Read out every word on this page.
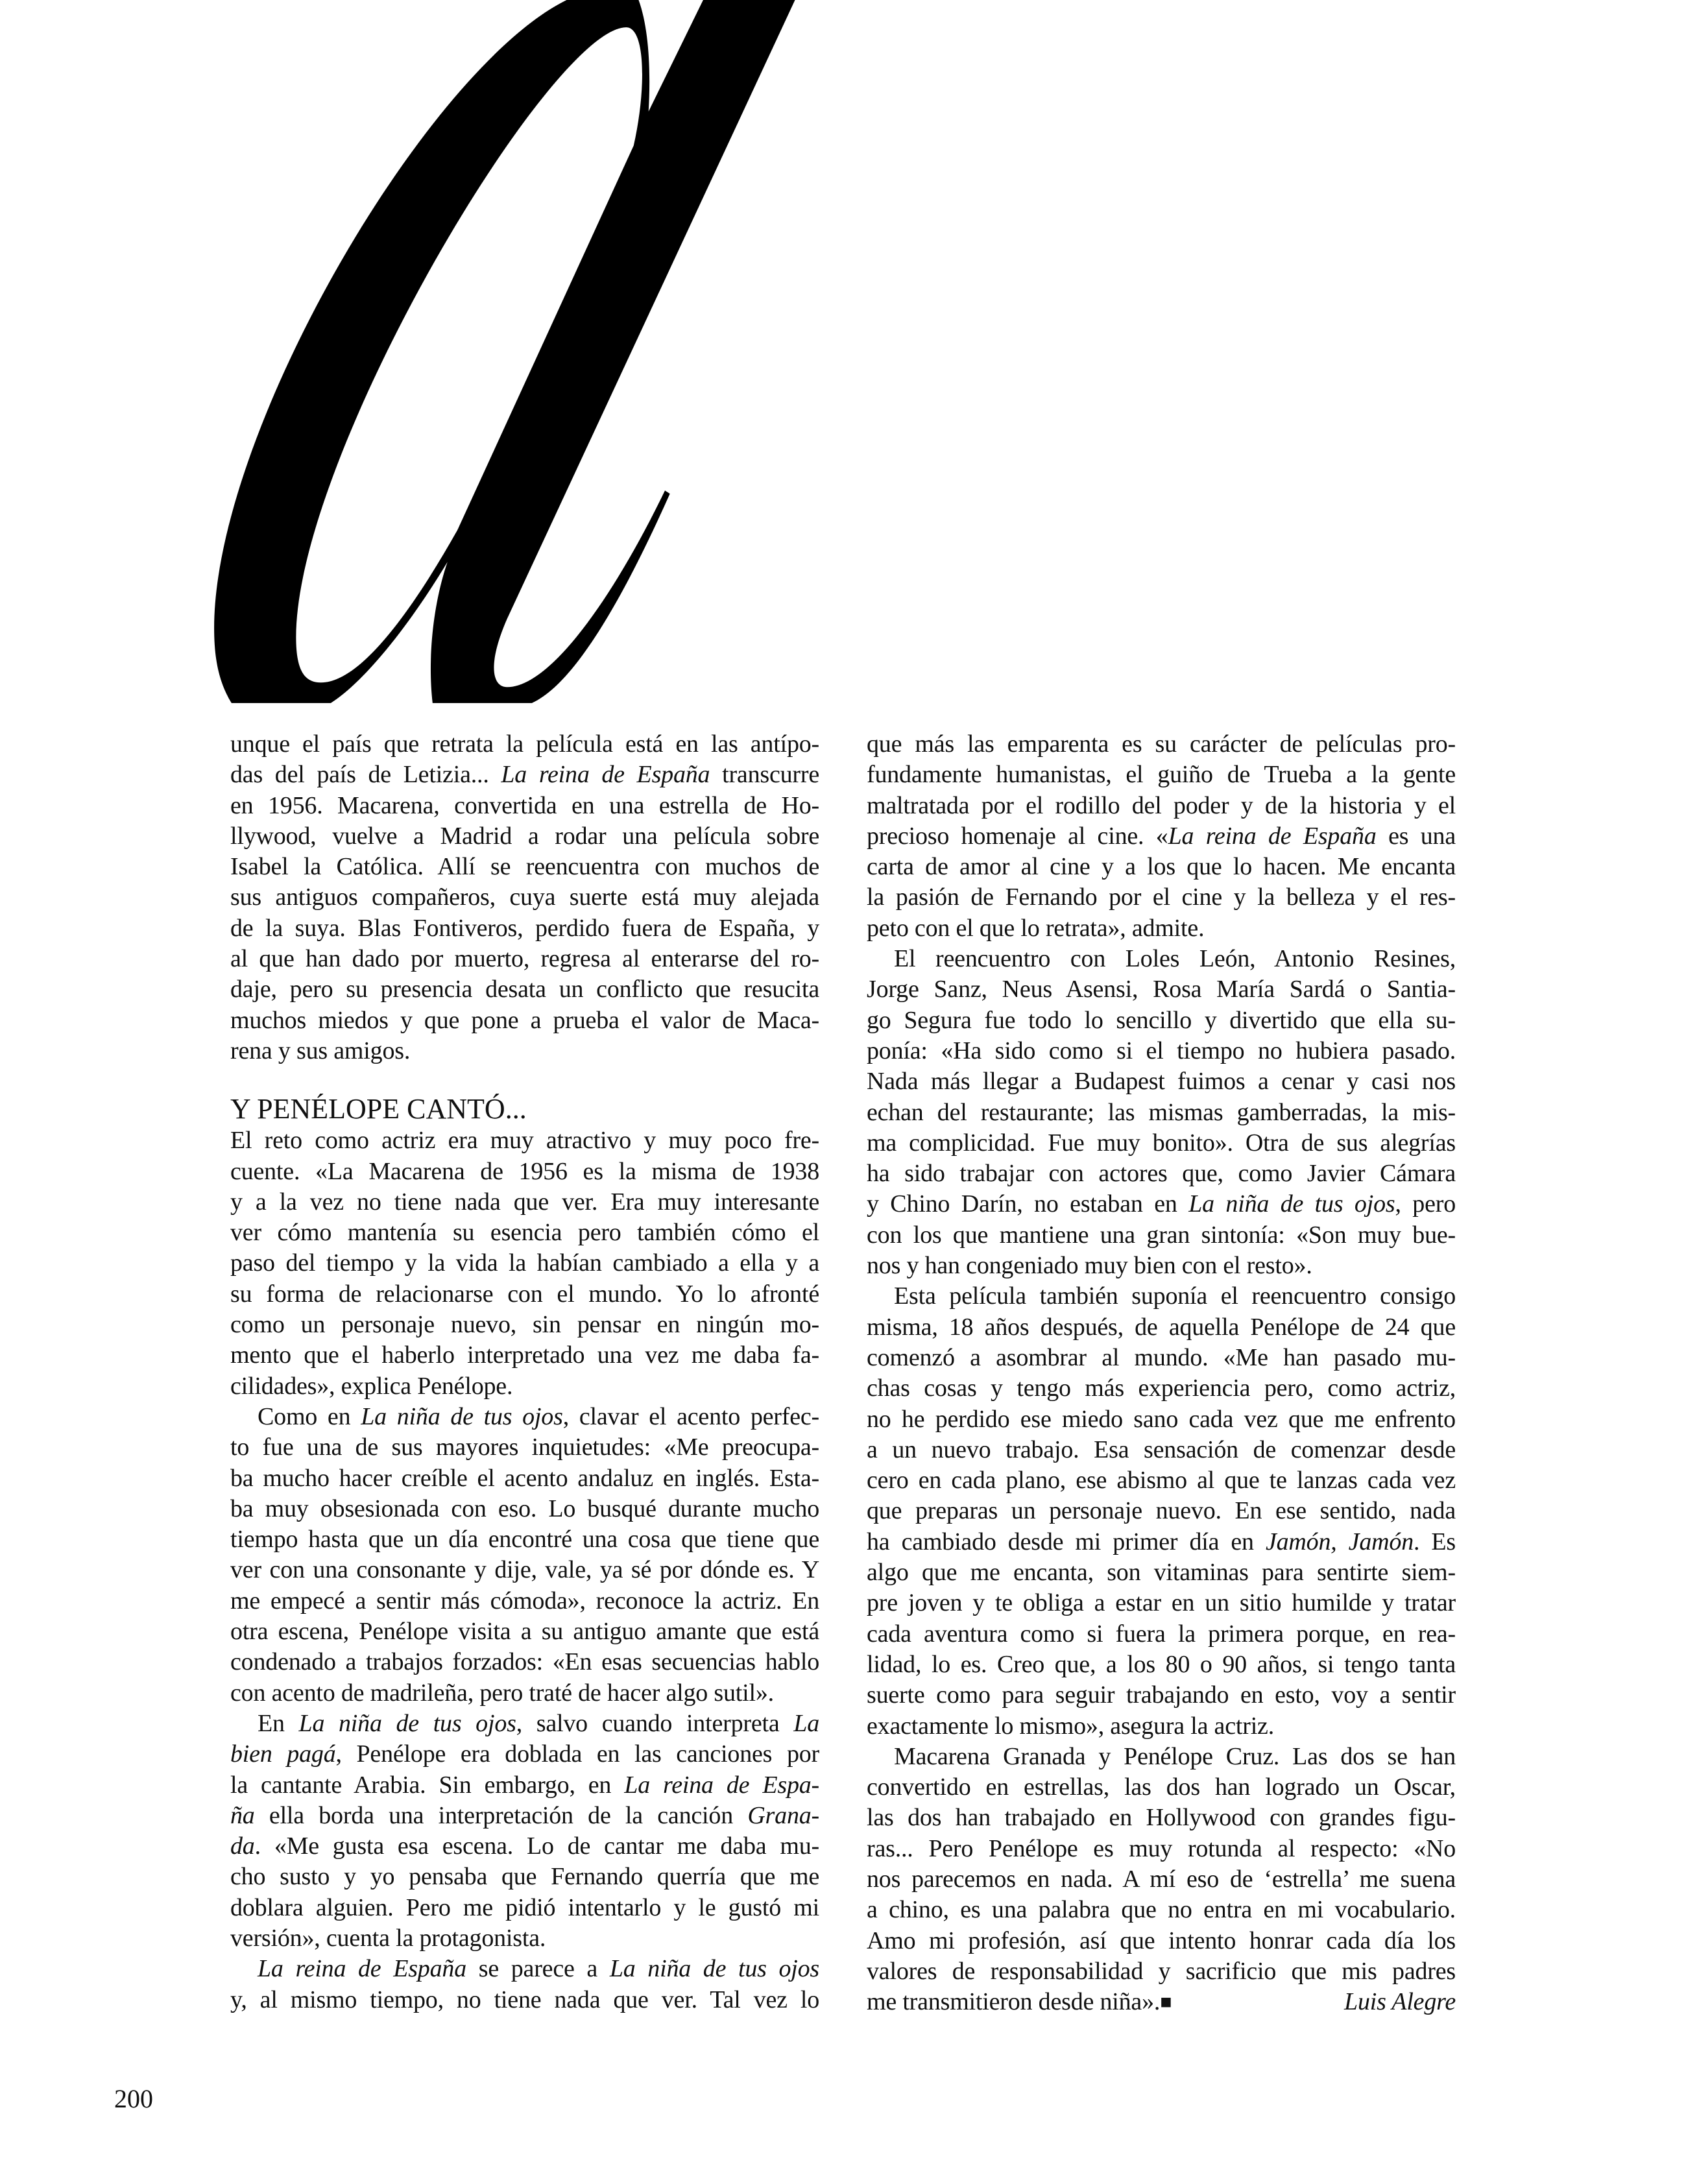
unque el país que retrata la película está en las antípo-
das del país de Letizia... La reina de España transcurre
en 1956. Macarena, convertida en una estrella de Ho-
llywood, vuelve a Madrid a rodar una película sobre
Isabel la Católica. Allí se reencuentra con muchos de
sus antiguos compañeros, cuya suerte está muy alejada
de la suya. Blas Fontiveros, perdido fuera de España, y
al que han dado por muerto, regresa al enterarse del ro-
daje, pero su presencia desata un conflicto que resucita
muchos miedos y que pone a prueba el valor de Maca-
rena y sus amigos.
Y PENÉLOPE CANTÓ...
El reto como actriz era muy atractivo y muy poco fre-
cuente. «La Macarena de 1956 es la misma de 1938
y a la vez no tiene nada que ver. Era muy interesante
ver cómo mantenía su esencia pero también cómo el
paso del tiempo y la vida la habían cambiado a ella y a
su forma de relacionarse con el mundo. Yo lo afronté
como un personaje nuevo, sin pensar en ningún mo-
mento que el haberlo interpretado una vez me daba fa-
cilidades», explica Penélope.
Como en La niña de tus ojos, clavar el acento perfec-
to fue una de sus mayores inquietudes: «Me preocupa-
ba mucho hacer creíble el acento andaluz en inglés. Esta-
ba muy obsesionada con eso. Lo busqué durante mucho
tiempo hasta que un día encontré una cosa que tiene que
ver con una consonante y dije, vale, ya sé por dónde es. Y
me empecé a sentir más cómoda», reconoce la actriz. En
otra escena, Penélope visita a su antiguo amante que está
condenado a trabajos forzados: «En esas secuencias hablo
con acento de madrileña, pero traté de hacer algo sutil».
En La niña de tus ojos, salvo cuando interpreta La
bien pagá, Penélope era doblada en las canciones por
la cantante Arabia. Sin embargo, en La reina de Espa-
ña ella borda una interpretación de la canción Grana-
da. «Me gusta esa escena. Lo de cantar me daba mu-
cho susto y yo pensaba que Fernando querría que me
doblara alguien. Pero me pidió intentarlo y le gustó mi
versión», cuenta la protagonista.
La reina de España se parece a La niña de tus ojos
y, al mismo tiempo, no tiene nada que ver. Tal vez lo
que más las emparenta es su carácter de películas pro-
fundamente humanistas, el guiño de Trueba a la gente
maltratada por el rodillo del poder y de la historia y el
precioso homenaje al cine. «La reina de España es una
carta de amor al cine y a los que lo hacen. Me encanta
la pasión de Fernando por el cine y la belleza y el res-
peto con el que lo retrata», admite.
El reencuentro con Loles León, Antonio Resines,
Jorge Sanz, Neus Asensi, Rosa María Sardá o Santia-
go Segura fue todo lo sencillo y divertido que ella su-
ponía: «Ha sido como si el tiempo no hubiera pasado.
Nada más llegar a Budapest fuimos a cenar y casi nos
echan del restaurante; las mismas gamberradas, la mis-
ma complicidad. Fue muy bonito». Otra de sus alegrías
ha sido trabajar con actores que, como Javier Cámara
y Chino Darín, no estaban en La niña de tus ojos, pero
con los que mantiene una gran sintonía: «Son muy bue-
nos y han congeniado muy bien con el resto».
Esta película también suponía el reencuentro consigo
misma, 18 años después, de aquella Penélope de 24 que
comenzó a asombrar al mundo. «Me han pasado mu-
chas cosas y tengo más experiencia pero, como actriz,
no he perdido ese miedo sano cada vez que me enfrento
a un nuevo trabajo. Esa sensación de comenzar desde
cero en cada plano, ese abismo al que te lanzas cada vez
que preparas un personaje nuevo. En ese sentido, nada
ha cambiado desde mi primer día en Jamón, Jamón. Es
algo que me encanta, son vitaminas para sentirte siem-
pre joven y te obliga a estar en un sitio humilde y tratar
cada aventura como si fuera la primera porque, en rea-
lidad, lo es. Creo que, a los 80 o 90 años, si tengo tanta
suerte como para seguir trabajando en esto, voy a sentir
exactamente lo mismo», asegura la actriz.
Macarena Granada y Penélope Cruz. Las dos se han
convertido en estrellas, las dos han logrado un Oscar,
las dos han trabajado en Hollywood con grandes figu-
ras... Pero Penélope es muy rotunda al respecto: «No
nos parecemos en nada. A mí eso de ‘estrella’ me suena
a chino, es una palabra que no entra en mi vocabulario.
Amo mi profesión, así que intento honrar cada día los
valores de responsabilidad y sacrificio que mis padres
me transmitieron desde niña».■	Luis Alegre
200
